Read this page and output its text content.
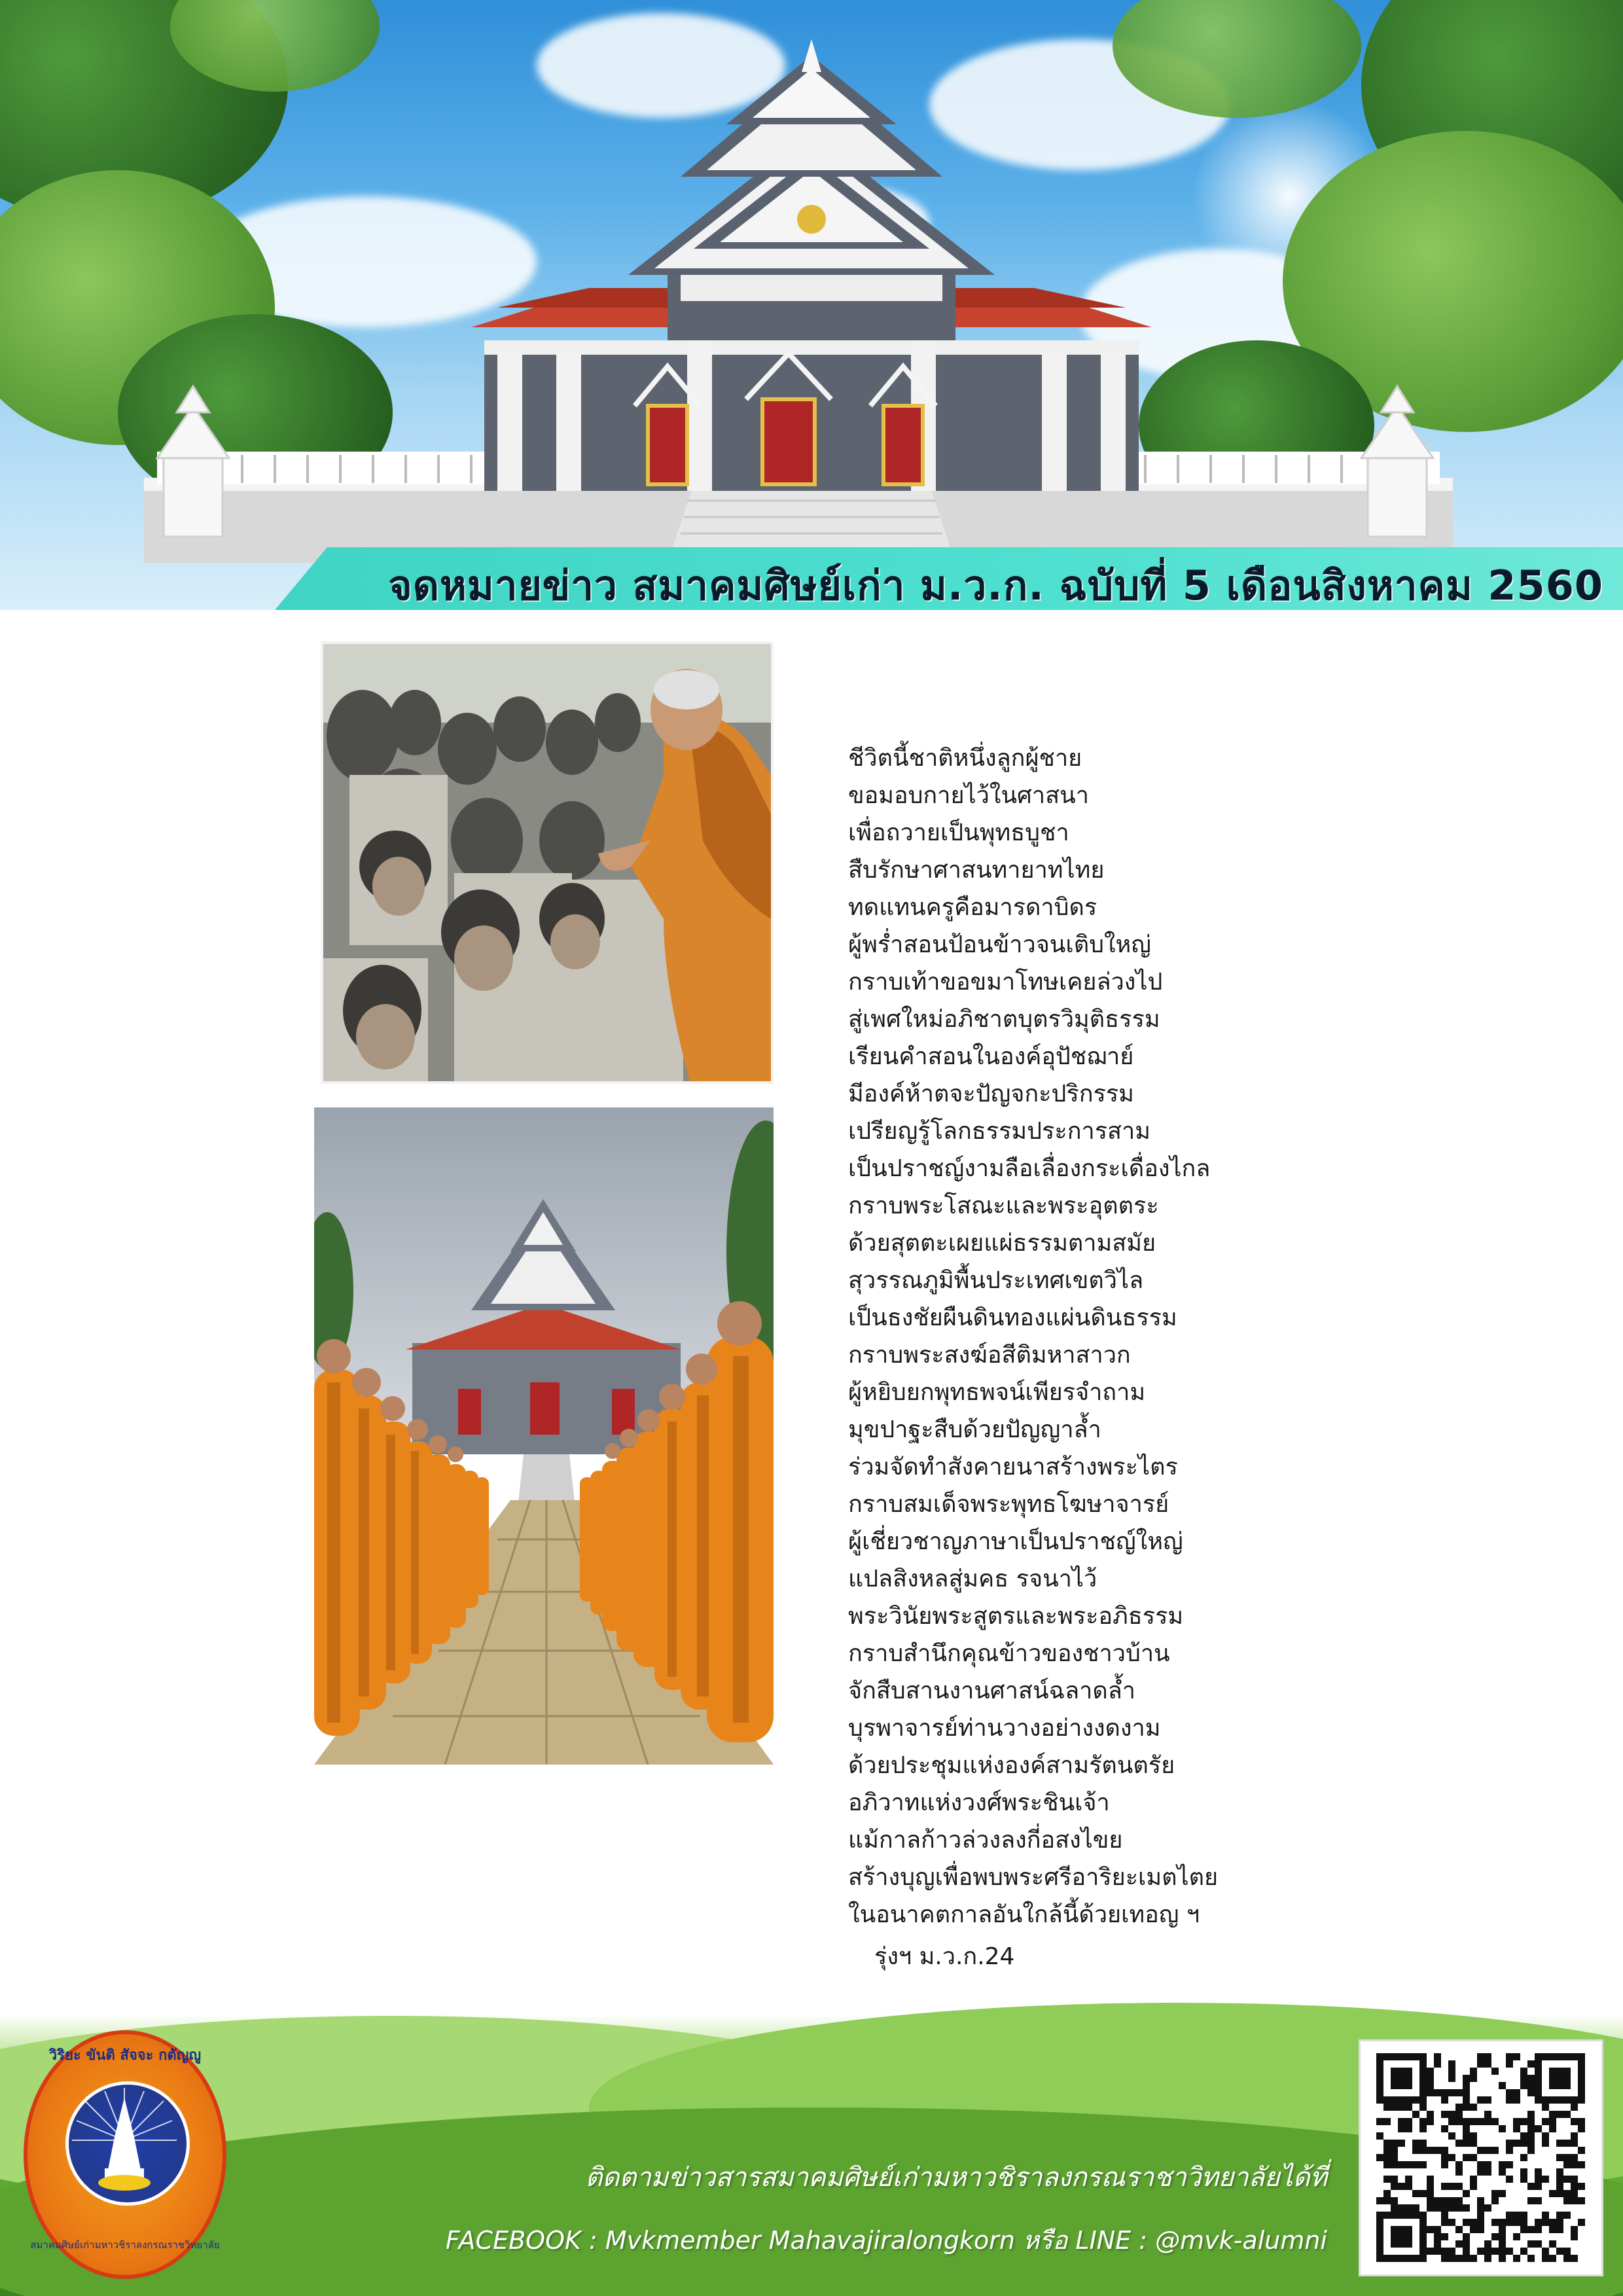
จดหมายข่าว สมาคมศิษย์เก่า ม.ว.ก. ฉบับที่ 5 เดือนสิงหาคม 2560
ชีวิตนี้ชาติหนึ่งลูกผู้ชาย
ขอมอบกายไว้ในศาสนา
เพื่อถวายเป็นพุทธบูชา
สืบรักษาศาสนทายาทไทย
ทดแทนครูคือมารดาบิดร
ผู้พร่ำสอนป้อนข้าวจนเติบใหญ่
กราบเท้าขอขมาโทษเคยล่วงไป
สู่เพศใหม่อภิชาตบุตรวิมุติธรรม
เรียนคำสอนในองค์อุปัชฌาย์
มีองค์ห้าตจะปัญจกะปริกรรม
เปรียญรู้โลกธรรมประการสาม
เป็นปราชญ์งามลือเลื่องกระเดื่องไกล
กราบพระโสณะและพระอุตตระ
ด้วยสุตตะเผยแผ่ธรรมตามสมัย
สุวรรณภูมิพื้นประเทศเขตวิไล
เป็นธงชัยผืนดินทองแผ่นดินธรรม
กราบพระสงฆ์อสีติมหาสาวก
ผู้หยิบยกพุทธพจน์เพียรจำถาม
มุขปาฐะสืบด้วยปัญญาล้ำ
ร่วมจัดทำสังคายนาสร้างพระไตร
กราบสมเด็จพระพุทธโฆษาจารย์
ผู้เชี่ยวชาญภาษาเป็นปราชญ์ใหญ่
แปลสิงหลสู่มคธ รจนาไว้
พระวินัยพระสูตรและพระอภิธรรม
กราบสำนึกคุณข้าวของชาวบ้าน
จักสืบสานงานศาสน์ฉลาดล้ำ
บุรพาจารย์ท่านวางอย่างงดงาม
ด้วยประชุมแห่งองค์สามรัตนตรัย
อภิวาทแห่งวงศ์พระชินเจ้า
แม้กาลก้าวล่วงลงกี่อสงไขย
สร้างบุญเพื่อพบพระศรีอาริยะเมตไตย
ในอนาคตกาลอันใกล้นี้ด้วยเทอญ ฯ
รุ่งฯ ม.ว.ก.24
วิริยะ ขันติ สัจจะ กตัญญู
สมาคมศิษย์เก่ามหาวชิราลงกรณราชวิทยาลัย
ติดตามข่าวสารสมาคมศิษย์เก่ามหาวชิราลงกรณราชาวิทยาลัยได้ที่
FACEBOOK : Mvkmember Mahavajiralongkorn หรือ LINE : @mvk-alumni
